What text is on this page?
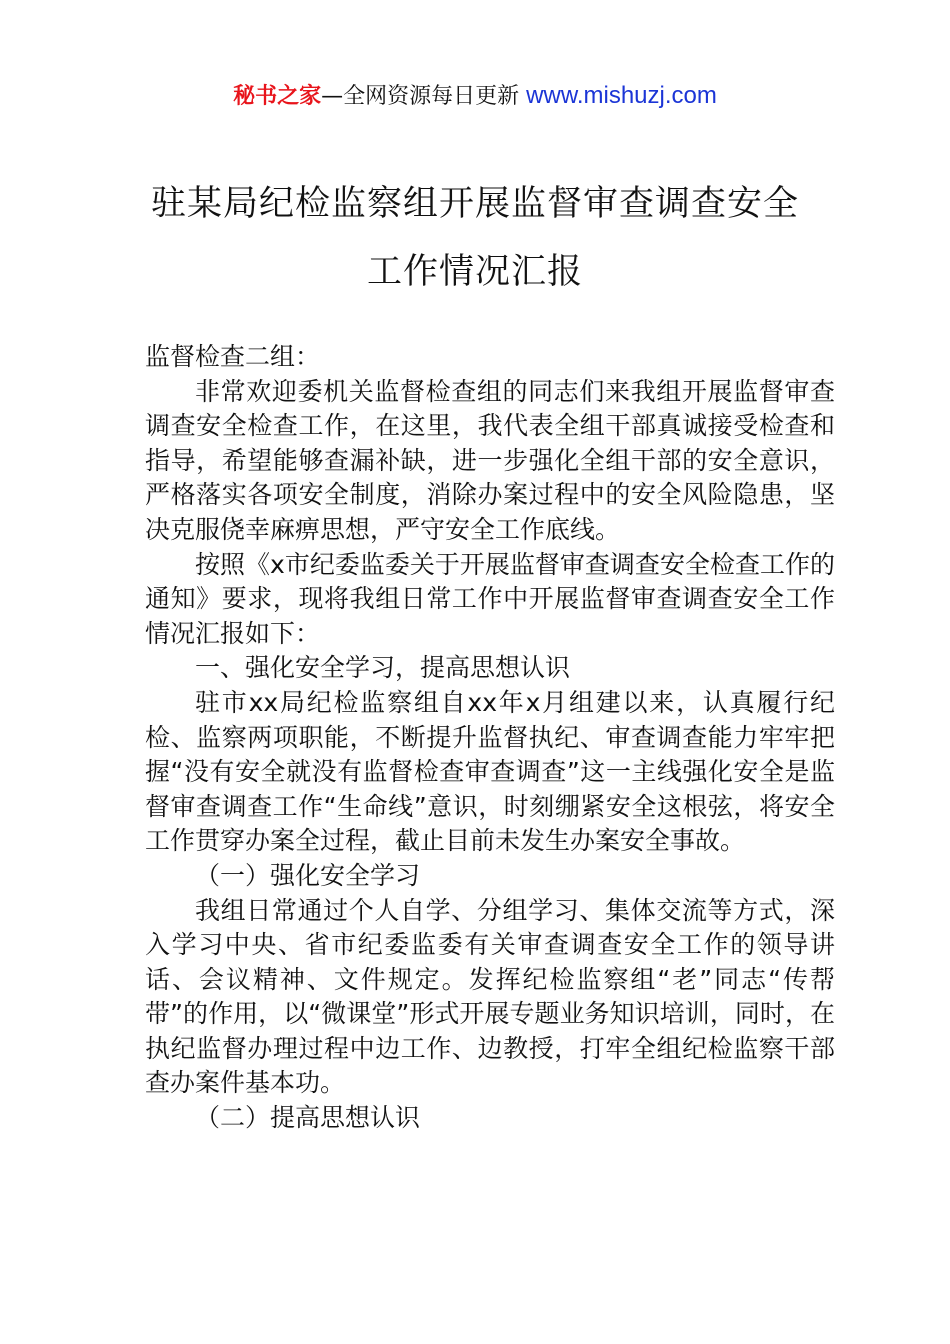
秘书之家—全网资源每日更新 www.mishuzj.com
驻某局纪检监察组开展监督审查调查安全
工作情况汇报

监督检查二组：

非常欢迎委机关监督检查组的同志们来我组开展监督审查调查安全检查工作，在这里，我代表全组干部真诚接受检查和指导，希望能够查漏补缺，进一步强化全组干部的安全意识，严格落实各项安全制度，消除办案过程中的安全风险隐患，坚决克服侥幸麻痹思想，严守安全工作底线。

按照《x市纪委监委关于开展监督审查调查安全检查工作的通知》要求，现将我组日常工作中开展监督审查调查安全工作情况汇报如下：

一、强化安全学习，提高思想认识

驻市xx局纪检监察组自xx年x月组建以来，认真履行纪检、监察两项职能，不断提升监督执纪、审查调查能力牢牢把握“没有安全就没有监督检查审查调查”这一主线强化安全是监督审查调查工作“生命线”意识，时刻绷紧安全这根弦，将安全工作贯穿办案全过程，截止目前未发生办案安全事故。

（一）强化安全学习

我组日常通过个人自学、分组学习、集体交流等方式，深入学习中央、省市纪委监委有关审查调查安全工作的领导讲话、会议精神、文件规定。发挥纪检监察组“老”同志“传帮带”的作用，以“微课堂”形式开展专题业务知识培训，同时，在执纪监督办理过程中边工作、边教授，打牢全组纪检监察干部查办案件基本功。

（二）提高思想认识
